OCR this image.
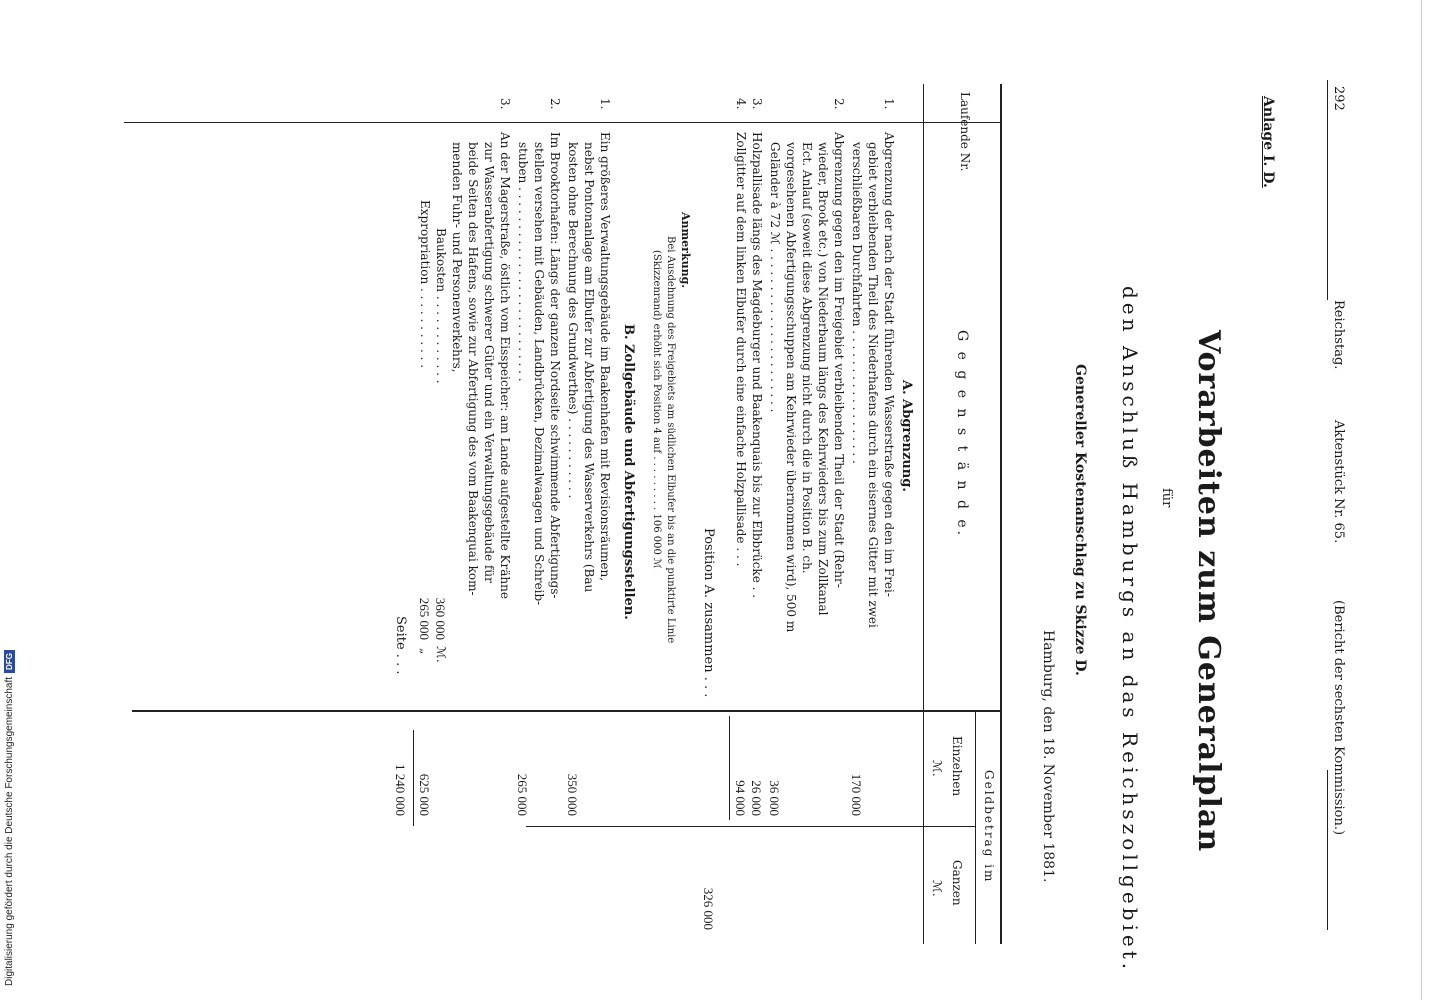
292
Reichstag.
Aktenstück Nr. 65.
(Bericht der sechsten Kommission.)
Anlage I. D.
Vorarbeiten zum Generalplan
für
den Anschluß Hamburgs an das Reichszollgebiet.
Genereller Kostenanschlag zu Skizze D.
Hamburg, den 18. November 1881.
Laufende Nr.
G e g e n s t ä n d e.
Geldbetrag im
Einzelnen
Ganzen
ℳ.
ℳ.
A. Abgrenzung.
1.
Abgrenzung der nach der Stadt führenden Wasserstraße gegen den im Frei-
gebiet verbleibenden Theil des Niederhafens durch ein eisernes Gitter mit zwei
verschließbaren Durchfahrten . . . . . . . . . . . . . . . . . .
170 000
2.
Abgrenzung gegen den im Freigebiet verbleibenden Theil der Stadt (Rehr-
wieder, Brook etc.) von Niederbaum längs des Kehrwieders bis zum Zollkanal
Ect. Anlauf (soweit diese Abgrenzung nicht durch die in Position B. ch.
vorgesehenen Abfertigungsschuppen am Kehrwieder übernommen wird), 500 m
Geländer à 72 ℳ . . . . . . . . . . . . . . . . . . . . . .
36 000
3.
Holzpallisade längs des Magdeburger und Baakenquais bis zur Elbbrücke . .
26 000
4.
Zollgitter auf dem linken Elbufer durch eine einfache Holzpallisade . . .
94 000
Position A. zusammen . . .
326 000
Anmerkung.
Bei Ausdehnung des Freigebiets am südlichen Elbufer bis an die punktirte Linie
(Skizzenrand) erhöht sich Position 4 auf . . . . . . . . . 106 000 ℳ
B. Zollgebäude und Abfertigungsstellen.
1.
Ein größeres Verwaltungsgebäude im Baakenhafen mit Revisionsräumen,
nebst Pontonanlage am Elbufer zur Abfertigung des Wasserverkehrs (Bau
kosten ohne Berechnung des Grundwerthes) . . . . . . . . . . .
350 000
2.
Im Brooktorhafen: Längs der ganzen Nordseite schwimmende Abfertigungs-
stellen versehen mit Gebäuden, Landbrücken, Dezimalwaagen und Schreib-
stuben . . . . . . . . . . . . . . . . . . . . . . . . . .
265 000
3.
An der Magerstraße, östlich vom Eisspeicher: am Lande aufgestellte Krähne
zur Wasserabfertigung schwerer Güter und ein Verwaltungsgebäude für
beide Seiten des Hafens, sowie zur Abfertigung des vom Baakenquai kom-
menden Fuhr- und Personenverkehrs,
Baukosten . . . . . . . . . . . .
360 000
ℳ.
Expropriation . . . . . . . . . . .
265 000
„
625 000
Seite . . .
1 240 000
Digitalisierung gefördert durch die Deutsche Forschungsgemeinschaft
DFG
